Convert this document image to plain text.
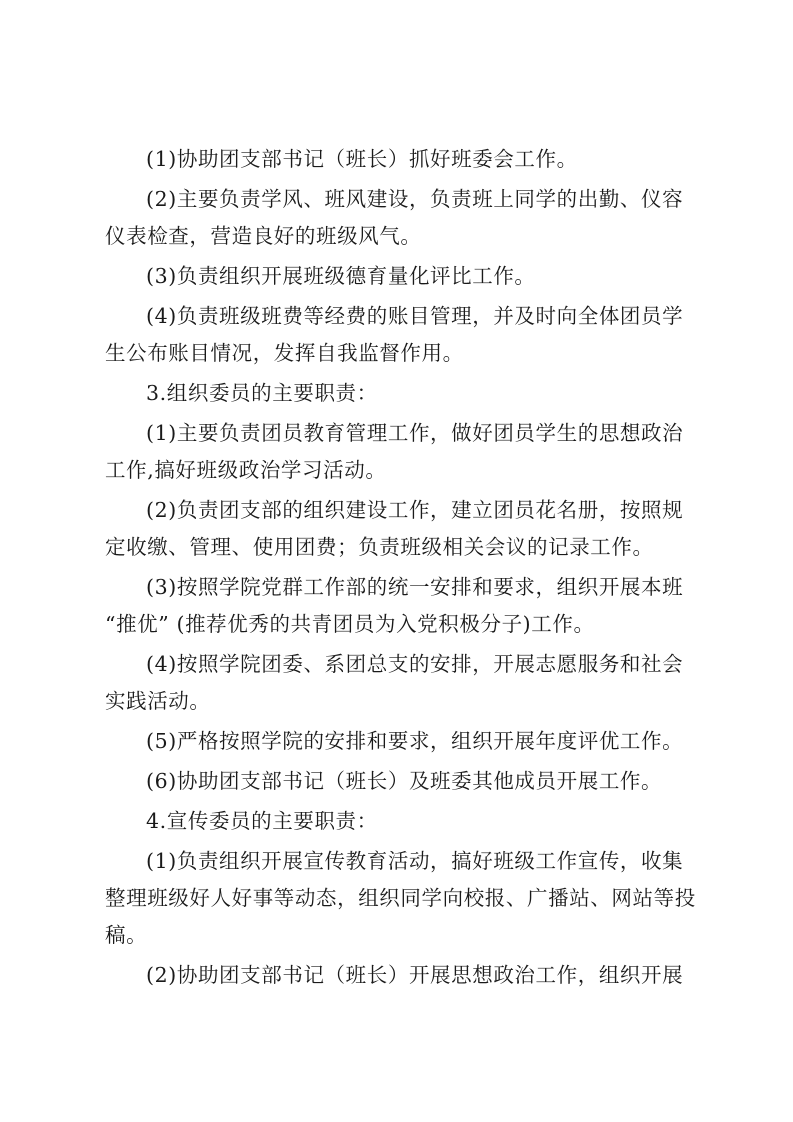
(1)协助团支部书记（班长）抓好班委会工作。

(2)主要负责学风、班风建设，负责班上同学的出勤、仪容
仪表检查，营造良好的班级风气。

(3)负责组织开展班级德育量化评比工作。

(4)负责班级班费等经费的账目管理，并及时向全体团员学
生公布账目情况，发挥自我监督作用。

3.组织委员的主要职责：

(1)主要负责团员教育管理工作，做好团员学生的思想政治
工作,搞好班级政治学习活动。

(2)负责团支部的组织建设工作，建立团员花名册，按照规
定收缴、管理、使用团费；负责班级相关会议的记录工作。

(3)按照学院党群工作部的统一安排和要求，组织开展本班
“推优” (推荐优秀的共青团员为入党积极分子)工作。

(4)按照学院团委、系团总支的安排，开展志愿服务和社会
实践活动。

(5)严格按照学院的安排和要求，组织开展年度评优工作。

(6)协助团支部书记（班长）及班委其他成员开展工作。

4.宣传委员的主要职责：

(1)负责组织开展宣传教育活动，搞好班级工作宣传，收集
整理班级好人好事等动态，组织同学向校报、广播站、网站等投
稿。

(2)协助团支部书记（班长）开展思想政治工作，组织开展
